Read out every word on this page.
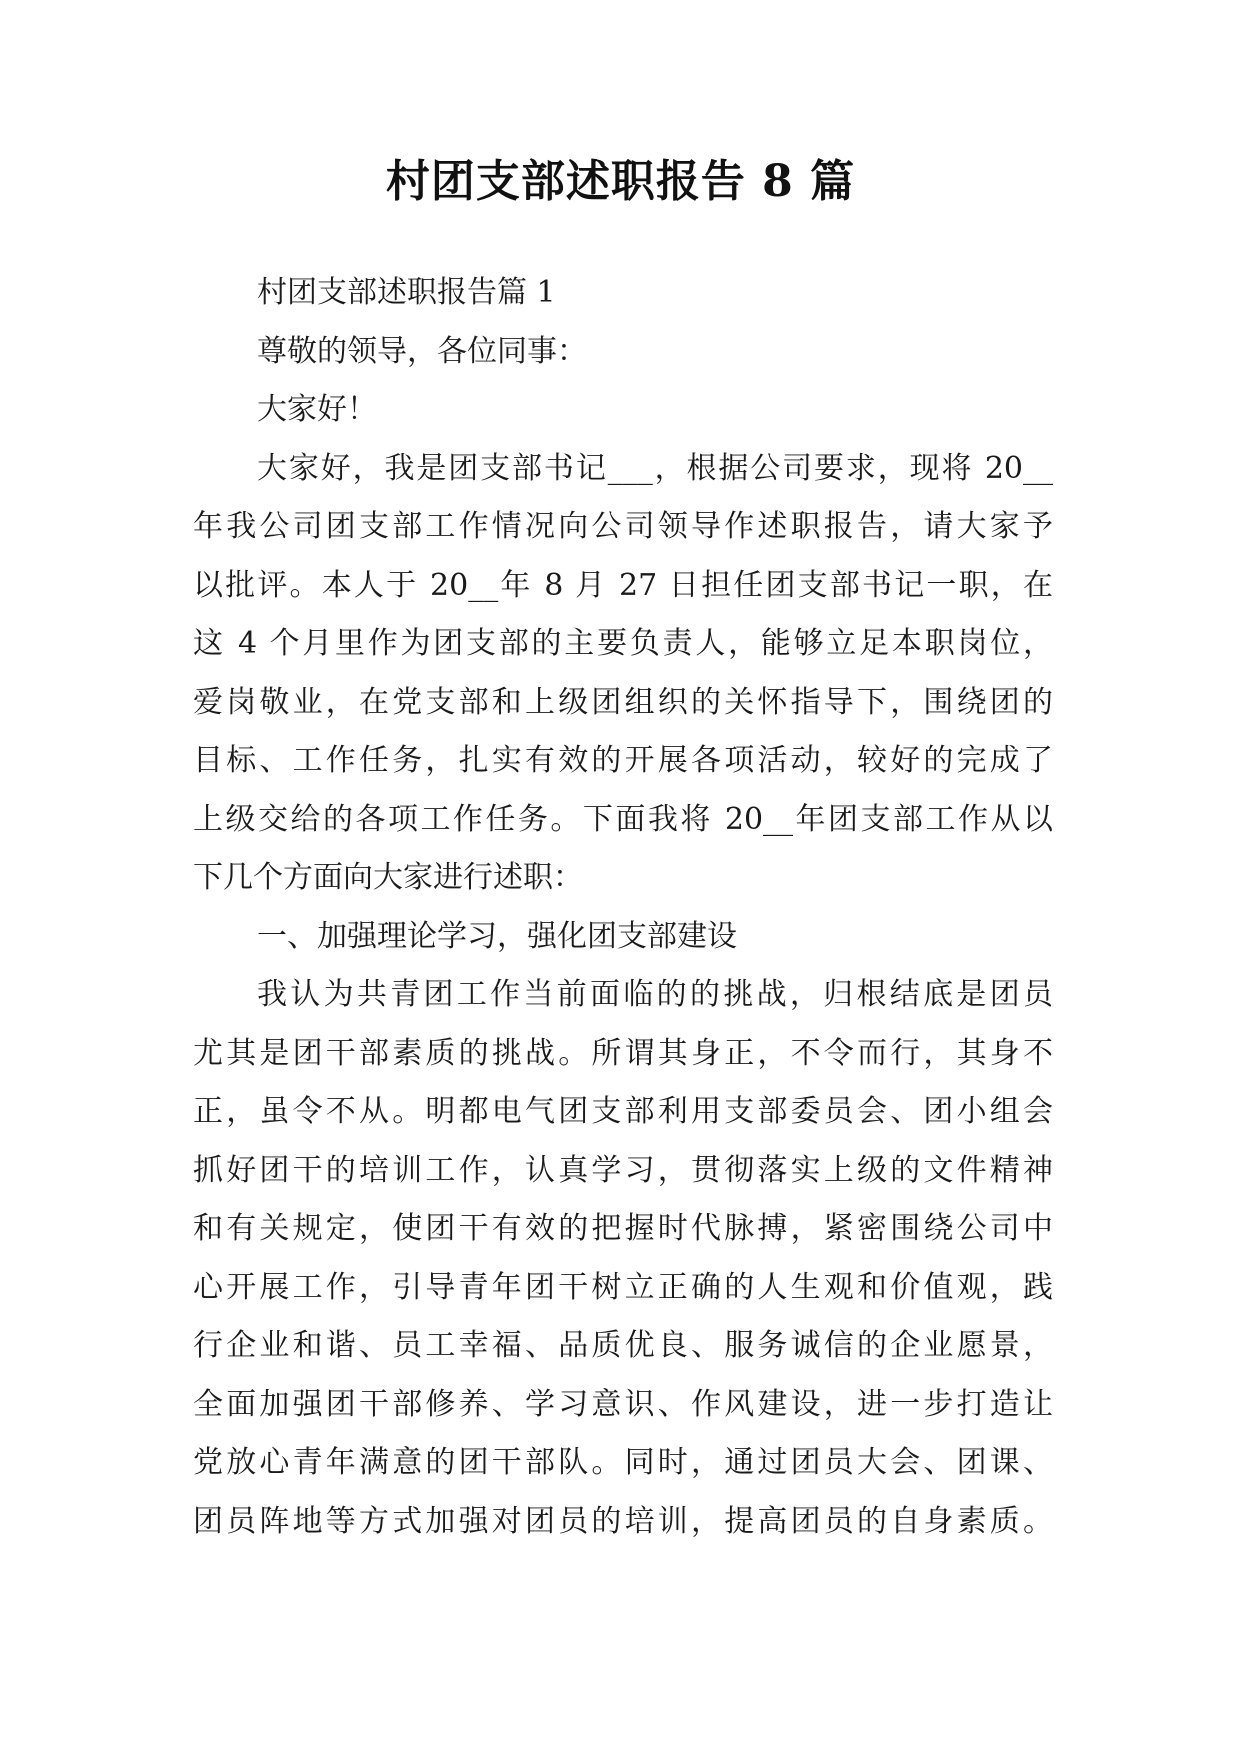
村团支部述职报告 8 篇
村团支部述职报告篇 1
尊敬的领导，各位同事：
大家好！
大家好，我是团支部书记___，根据公司要求，现将 20__
年我公司团支部工作情况向公司领导作述职报告，请大家予
以批评。本人于 20__年 8 月 27 日担任团支部书记一职，在
这 4 个月里作为团支部的主要负责人，能够立足本职岗位，
爱岗敬业，在党支部和上级团组织的关怀指导下，围绕团的
目标、工作任务，扎实有效的开展各项活动，较好的完成了
上级交给的各项工作任务。下面我将 20__年团支部工作从以
下几个方面向大家进行述职：
一、加强理论学习，强化团支部建设
我认为共青团工作当前面临的的挑战，归根结底是团员
尤其是团干部素质的挑战。所谓其身正，不令而行，其身不
正，虽令不从。明都电气团支部利用支部委员会、团小组会
抓好团干的培训工作，认真学习，贯彻落实上级的文件精神
和有关规定，使团干有效的把握时代脉搏，紧密围绕公司中
心开展工作，引导青年团干树立正确的人生观和价值观，践
行企业和谐、员工幸福、品质优良、服务诚信的企业愿景，
全面加强团干部修养、学习意识、作风建设，进一步打造让
党放心青年满意的团干部队。同时，通过团员大会、团课、
团员阵地等方式加强对团员的培训，提高团员的自身素质。
